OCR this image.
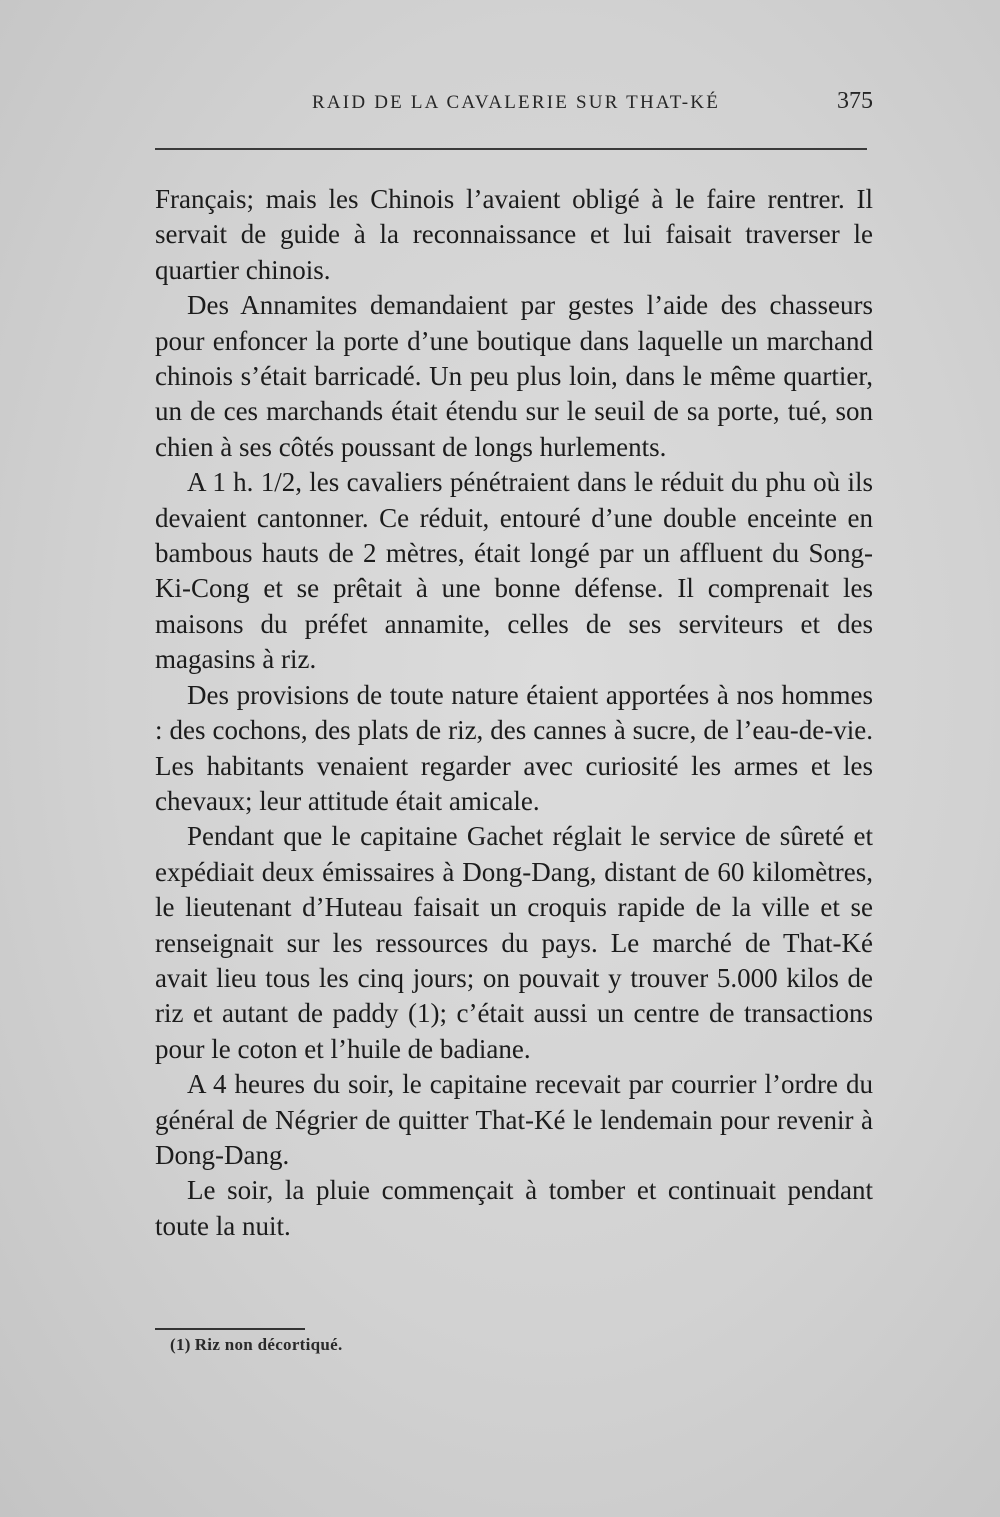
RAID DE LA CAVALERIE SUR THAT-KÉ	375

Français; mais les Chinois l’avaient obligé à le faire rentrer. Il servait de guide à la reconnaissance et lui faisait traverser le quartier chinois.

Des Annamites demandaient par gestes l’aide des chasseurs pour enfoncer la porte d’une boutique dans laquelle un marchand chinois s’était barricadé. Un peu plus loin, dans le même quartier, un de ces marchands était étendu sur le seuil de sa porte, tué, son chien à ses côtés poussant de longs hurlements.

A 1 h. 1/2, les cavaliers pénétraient dans le réduit du phu où ils devaient cantonner. Ce réduit, entouré d’une double enceinte en bambous hauts de 2 mètres, était longé par un affluent du Song-Ki-Cong et se prêtait à une bonne défense. Il comprenait les maisons du préfet annamite, celles de ses serviteurs et des magasins à riz.

Des provisions de toute nature étaient apportées à nos hommes : des cochons, des plats de riz, des cannes à sucre, de l’eau-de-vie. Les habitants venaient regarder avec curiosité les armes et les chevaux; leur attitude était amicale.

Pendant que le capitaine Gachet réglait le service de sûreté et expédiait deux émissaires à Dong-Dang, distant de 60 kilomètres, le lieutenant d’Huteau faisait un croquis rapide de la ville et se renseignait sur les ressources du pays. Le marché de That-Ké avait lieu tous les cinq jours; on pouvait y trouver 5.000 kilos de riz et autant de paddy (1); c’était aussi un centre de transactions pour le coton et l’huile de badiane.

A 4 heures du soir, le capitaine recevait par courrier l’ordre du général de Négrier de quitter That-Ké le lendemain pour revenir à Dong-Dang.

Le soir, la pluie commençait à tomber et continuait pendant toute la nuit.

(1) Riz non décortiqué.
